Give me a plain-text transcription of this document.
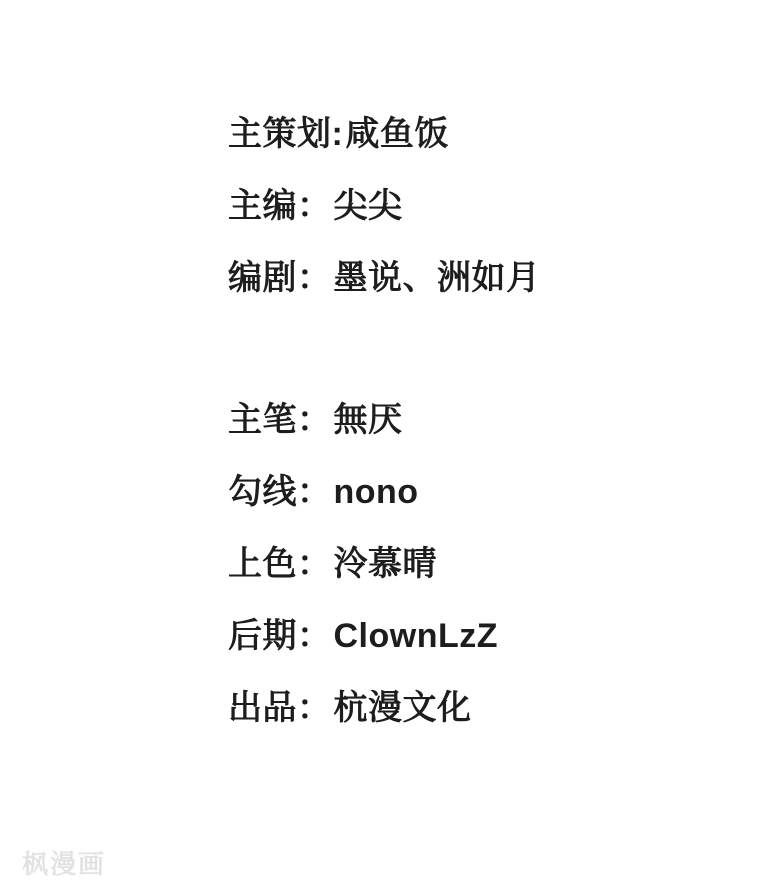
主策划: 咸鱼饭
主编： 尖尖
编剧： 墨说、洲如月
主笔： 無厌
勾线： nono
上色： 泠慕晴
后期： ClownLzZ
出品： 杭漫文化
枫漫画
